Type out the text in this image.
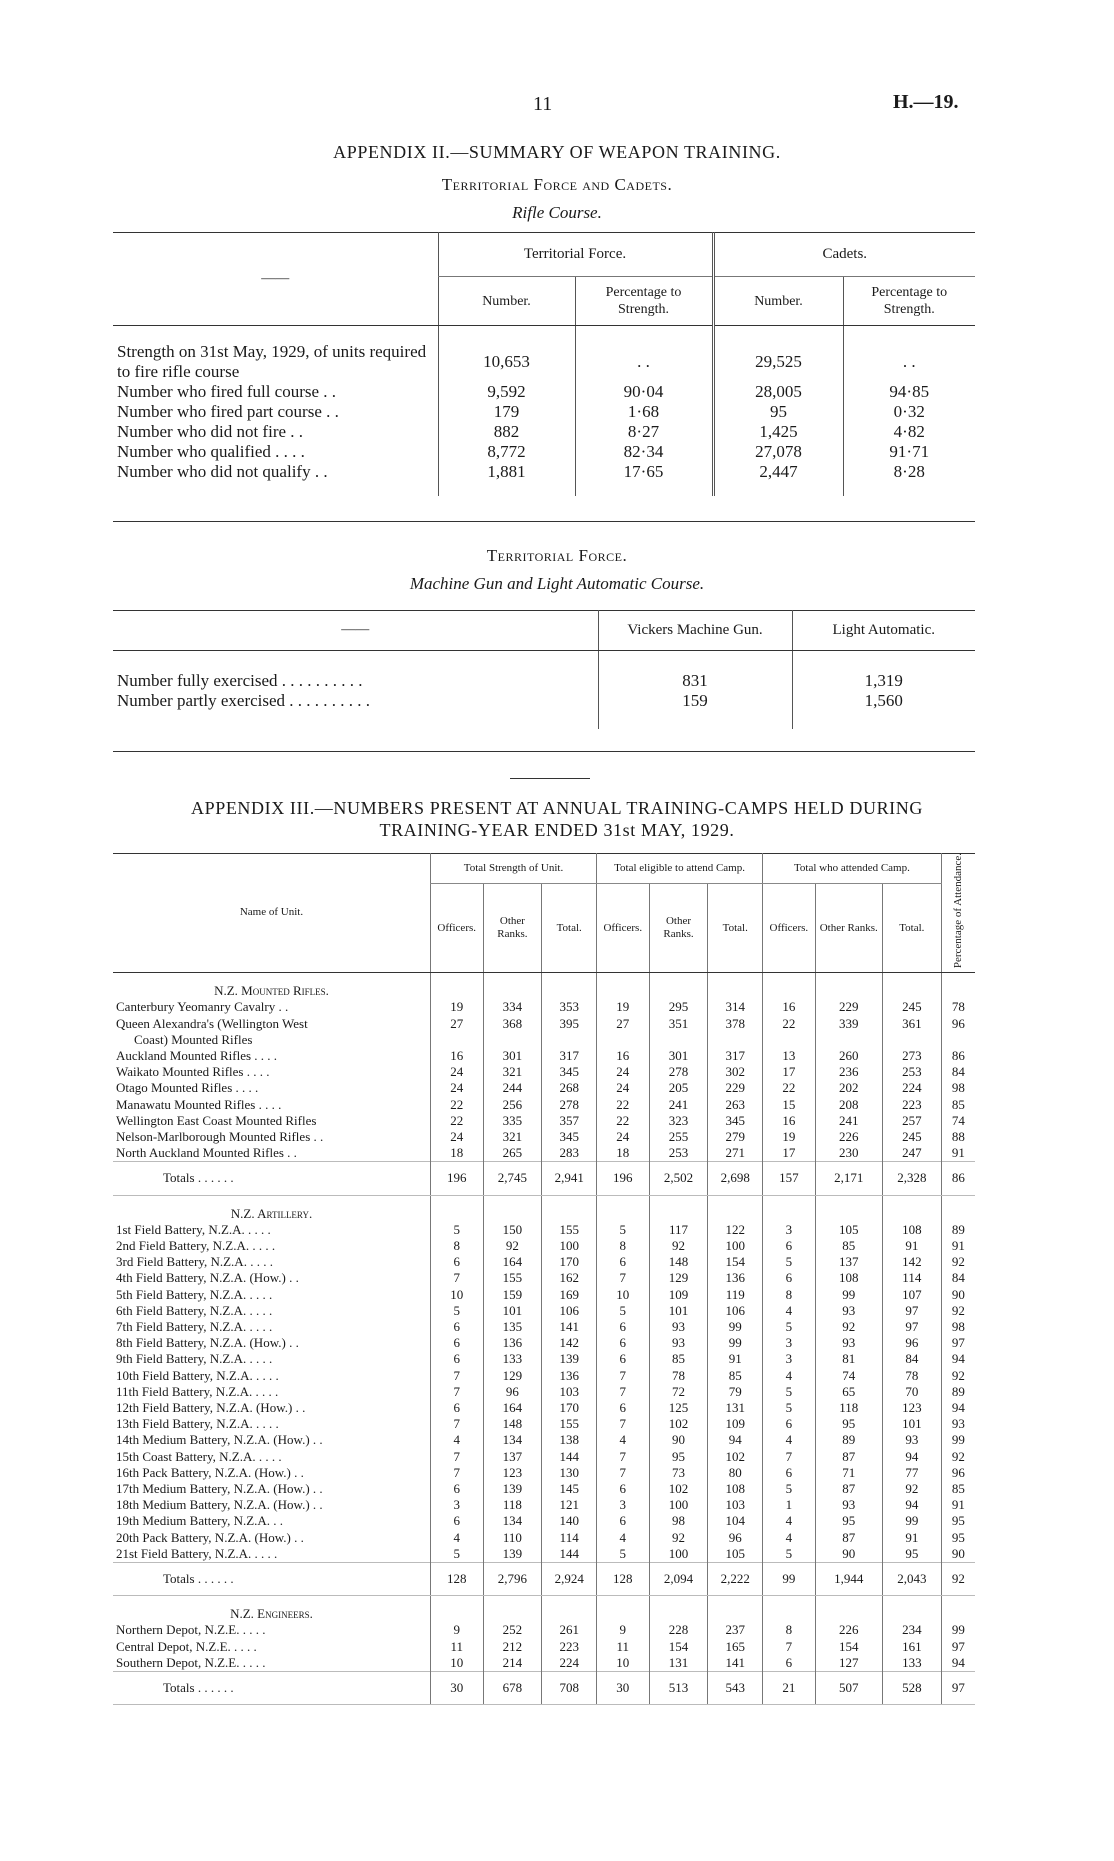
11	H.—19.
APPENDIX II.—SUMMARY OF WEAPON TRAINING.
Territorial Force and Cadets.
Rifle Course.
——	Territorial Force.		Cadets.	
	Number.	Percentage to Strength.	Number.	Percentage to Strength.
Strength on 31st May, 1929, of units required to fire rifle course	10,653	. .	29,525	. .
Number who fired full course . .	9,592	90·04	28,005	94·85
Number who fired part course . .	179	1·68	95	0·32
Number who did not fire . .	882	8·27	1,425	4·82
Number who qualified . . . .	8,772	82·34	27,078	91·71
Number who did not qualify . .	1,881	17·65	2,447	8·28
Territorial Force.
Machine Gun and Light Automatic Course.
——	Vickers Machine Gun.	Light Automatic.
Number fully exercised . . . . . . . . . .	831	1,319
Number partly exercised . . . . . . . . . .	159	1,560
APPENDIX III.—NUMBERS PRESENT AT ANNUAL TRAINING-CAMPS HELD DURING
TRAINING-YEAR ENDED 31st MAY, 1929.
Name of Unit.	Total Strength of Unit.			Total eligible to attend Camp.			Total who attended Camp.			Percentage of Attendance.
	Officers.	Other Ranks.	Total.	Officers.	Other Ranks.	Total.	Officers.	Other Ranks.	Total.	
N.Z. Mounted Rifles.										

Canterbury Yeomanry Cavalry . .	19	334	353	19	295	314	16	229	245	78

Queen Alexandra's (Wellington West
Coast) Mounted Rifles	27	368	395	27	351	378	22	339	361	96

Auckland Mounted Rifles . . . .	16	301	317	16	301	317	13	260	273	86

Waikato Mounted Rifles . . . .	24	321	345	24	278	302	17	236	253	84

Otago Mounted Rifles . . . .	24	244	268	24	205	229	22	202	224	98

Manawatu Mounted Rifles . . . .	22	256	278	22	241	263	15	208	223	85

Wellington East Coast Mounted Rifles	22	335	357	22	323	345	16	241	257	74

Nelson-Marlborough Mounted Rifles . .	24	321	345	24	255	279	19	226	245	88

North Auckland Mounted Rifles . .	18	265	283	18	253	271	17	230	247	91
Totals . . . . . .	196	2,745	2,941	196	2,502	2,698	157	2,171	2,328	86
N.Z. Artillery.										

1st Field Battery, N.Z.A. . . . .	5	150	155	5	117	122	3	105	108	89

2nd Field Battery, N.Z.A. . . . .	8	92	100	8	92	100	6	85	91	91

3rd Field Battery, N.Z.A. . . . .	6	164	170	6	148	154	5	137	142	92

4th Field Battery, N.Z.A. (How.) . .	7	155	162	7	129	136	6	108	114	84

5th Field Battery, N.Z.A. . . . .	10	159	169	10	109	119	8	99	107	90

6th Field Battery, N.Z.A. . . . .	5	101	106	5	101	106	4	93	97	92

7th Field Battery, N.Z.A. . . . .	6	135	141	6	93	99	5	92	97	98

8th Field Battery, N.Z.A. (How.) . .	6	136	142	6	93	99	3	93	96	97

9th Field Battery, N.Z.A. . . . .	6	133	139	6	85	91	3	81	84	94

10th Field Battery, N.Z.A. . . . .	7	129	136	7	78	85	4	74	78	92

11th Field Battery, N.Z.A. . . . .	7	96	103	7	72	79	5	65	70	89

12th Field Battery, N.Z.A. (How.) . .	6	164	170	6	125	131	5	118	123	94

13th Field Battery, N.Z.A. . . . .	7	148	155	7	102	109	6	95	101	93

14th Medium Battery, N.Z.A. (How.) . .	4	134	138	4	90	94	4	89	93	99

15th Coast Battery, N.Z.A. . . . .	7	137	144	7	95	102	7	87	94	92

16th Pack Battery, N.Z.A. (How.) . .	7	123	130	7	73	80	6	71	77	96

17th Medium Battery, N.Z.A. (How.) . .	6	139	145	6	102	108	5	87	92	85

18th Medium Battery, N.Z.A. (How.) . .	3	118	121	3	100	103	1	93	94	91

19th Medium Battery, N.Z.A. . .	6	134	140	6	98	104	4	95	99	95

20th Pack Battery, N.Z.A. (How.) . .	4	110	114	4	92	96	4	87	91	95

21st Field Battery, N.Z.A. . . . .	5	139	144	5	100	105	5	90	95	90
Totals . . . . . .	128	2,796	2,924	128	2,094	2,222	99	1,944	2,043	92
N.Z. Engineers.										

Northern Depot, N.Z.E. . . . .	9	252	261	9	228	237	8	226	234	99

Central Depot, N.Z.E. . . . .	11	212	223	11	154	165	7	154	161	97

Southern Depot, N.Z.E. . . . .	10	214	224	10	131	141	6	127	133	94
Totals . . . . . .	30	678	708	30	513	543	21	507	528	97
